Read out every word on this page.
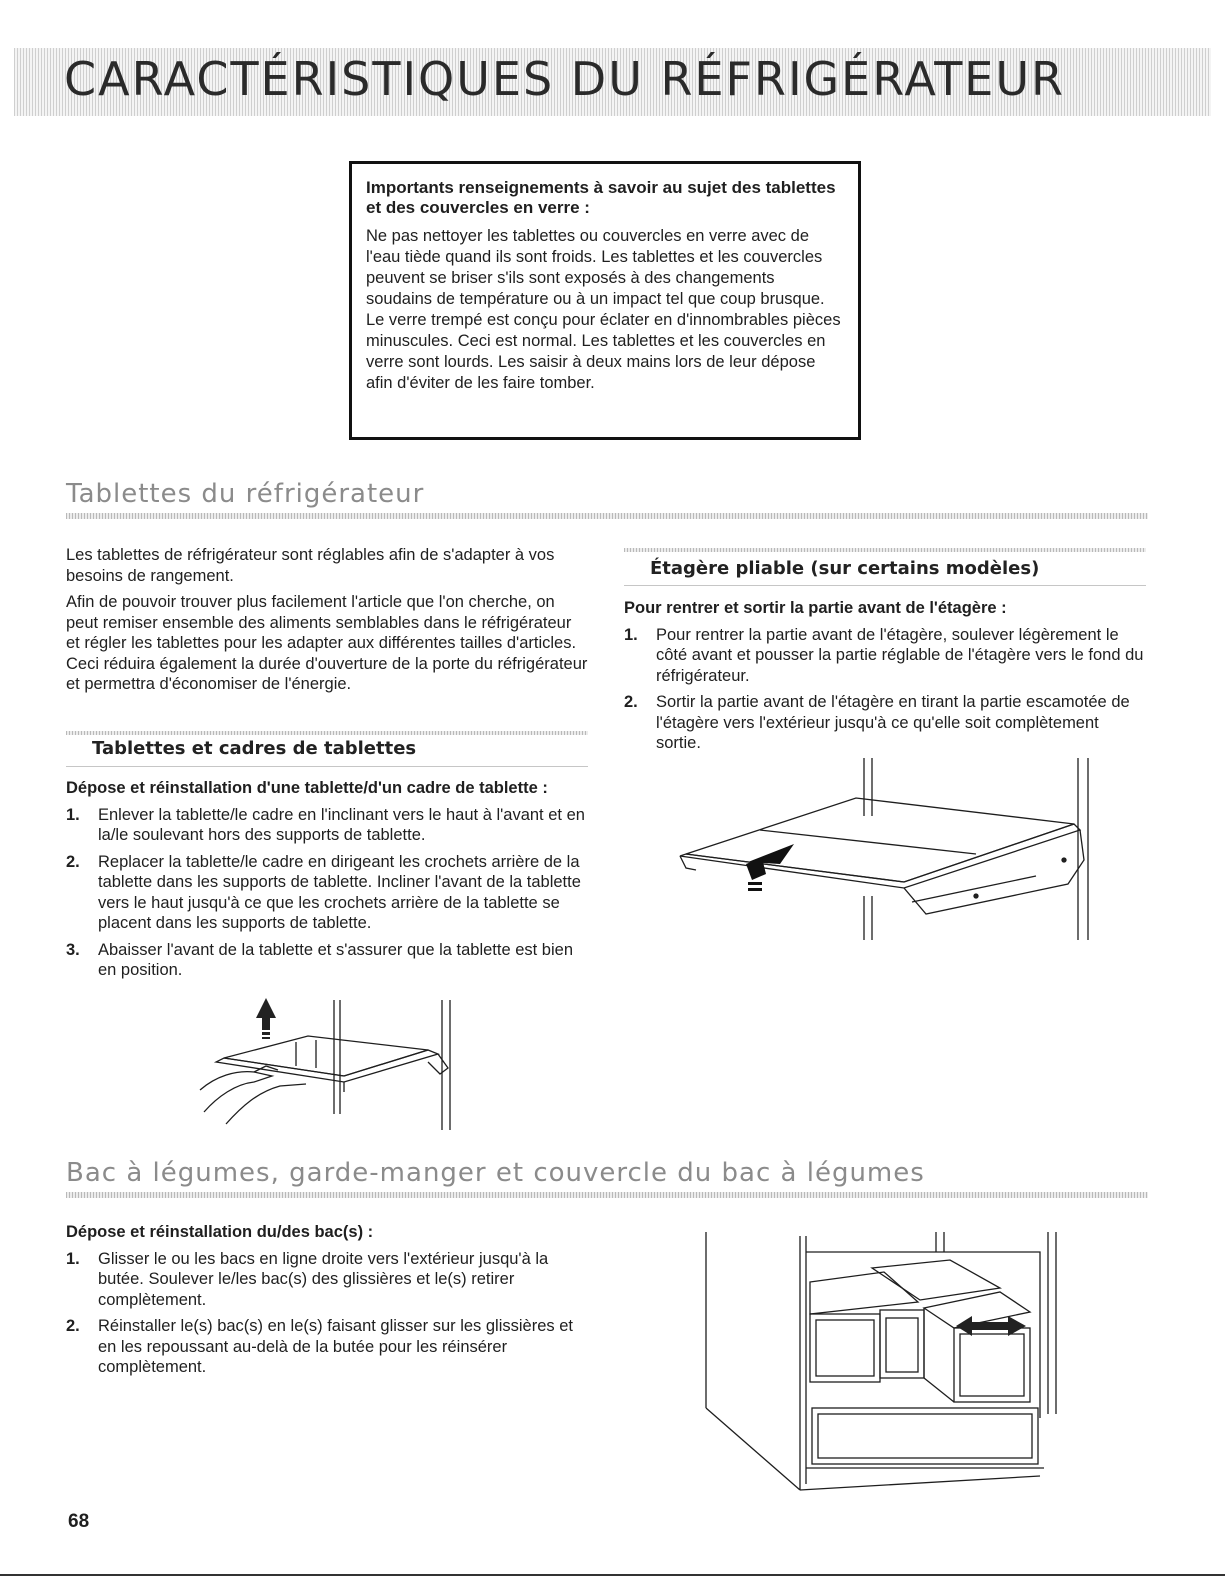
CARACTÉRISTIQUES DU RÉFRIGÉRATEUR

Importants renseignements à savoir au sujet des tablettes et des couvercles en verre :

Ne pas nettoyer les tablettes ou couvercles en verre avec de l'eau tiède quand ils sont froids. Les tablettes et les couvercles peuvent se briser s'ils sont exposés à des changements soudains de température ou à un impact tel que coup brusque. Le verre trempé est conçu pour éclater en d'innombrables pièces minuscules. Ceci est normal. Les tablettes et les couvercles en verre sont lourds. Les saisir à deux mains lors de leur dépose afin d'éviter de les faire tomber.

Tablettes du réfrigérateur

Les tablettes de réfrigérateur sont réglables afin de s'adapter à vos besoins de rangement.

Afin de pouvoir trouver plus facilement l'article que l'on cherche, on peut remiser ensemble des aliments semblables dans le réfrigérateur et régler les tablettes pour les adapter aux différentes tailles d'articles. Ceci réduira également la durée d'ouverture de la porte du réfrigérateur et permettra d'économiser de l'énergie.

Tablettes et cadres de tablettes

Dépose et réinstallation d'une tablette/d'un cadre de tablette :

1. Enlever la tablette/le cadre en l'inclinant vers le haut à l'avant et en la/le soulevant hors des supports de tablette.
2. Replacer la tablette/le cadre en dirigeant les crochets arrière de la tablette dans les supports de tablette. Incliner l'avant de la tablette vers le haut jusqu'à ce que les crochets arrière de la tablette se placent dans les supports de tablette.
3. Abaisser l'avant de la tablette et s'assurer que la tablette est bien en position.
Étagère pliable (sur certains modèles)

Pour rentrer et sortir la partie avant de l'étagère :

1. Pour rentrer la partie avant de l'étagère, soulever légèrement le côté avant et pousser la partie réglable de l'étagère vers le fond du réfrigérateur.
2. Sortir la partie avant de l'étagère en tirant la partie escamotée de l'étagère vers l'extérieur jusqu'à ce qu'elle soit complètement sortie.
Bac à légumes, garde-manger et couvercle du bac à légumes

Dépose et réinstallation du/des bac(s) :

1. Glisser le ou les bacs en ligne droite vers l'extérieur jusqu'à la butée. Soulever le/les bac(s) des glissières et le(s) retirer complètement.
2. Réinstaller le(s) bac(s) en le(s) faisant glisser sur les glissières et en les repoussant au-delà de la butée pour les réinsérer complètement.
68
